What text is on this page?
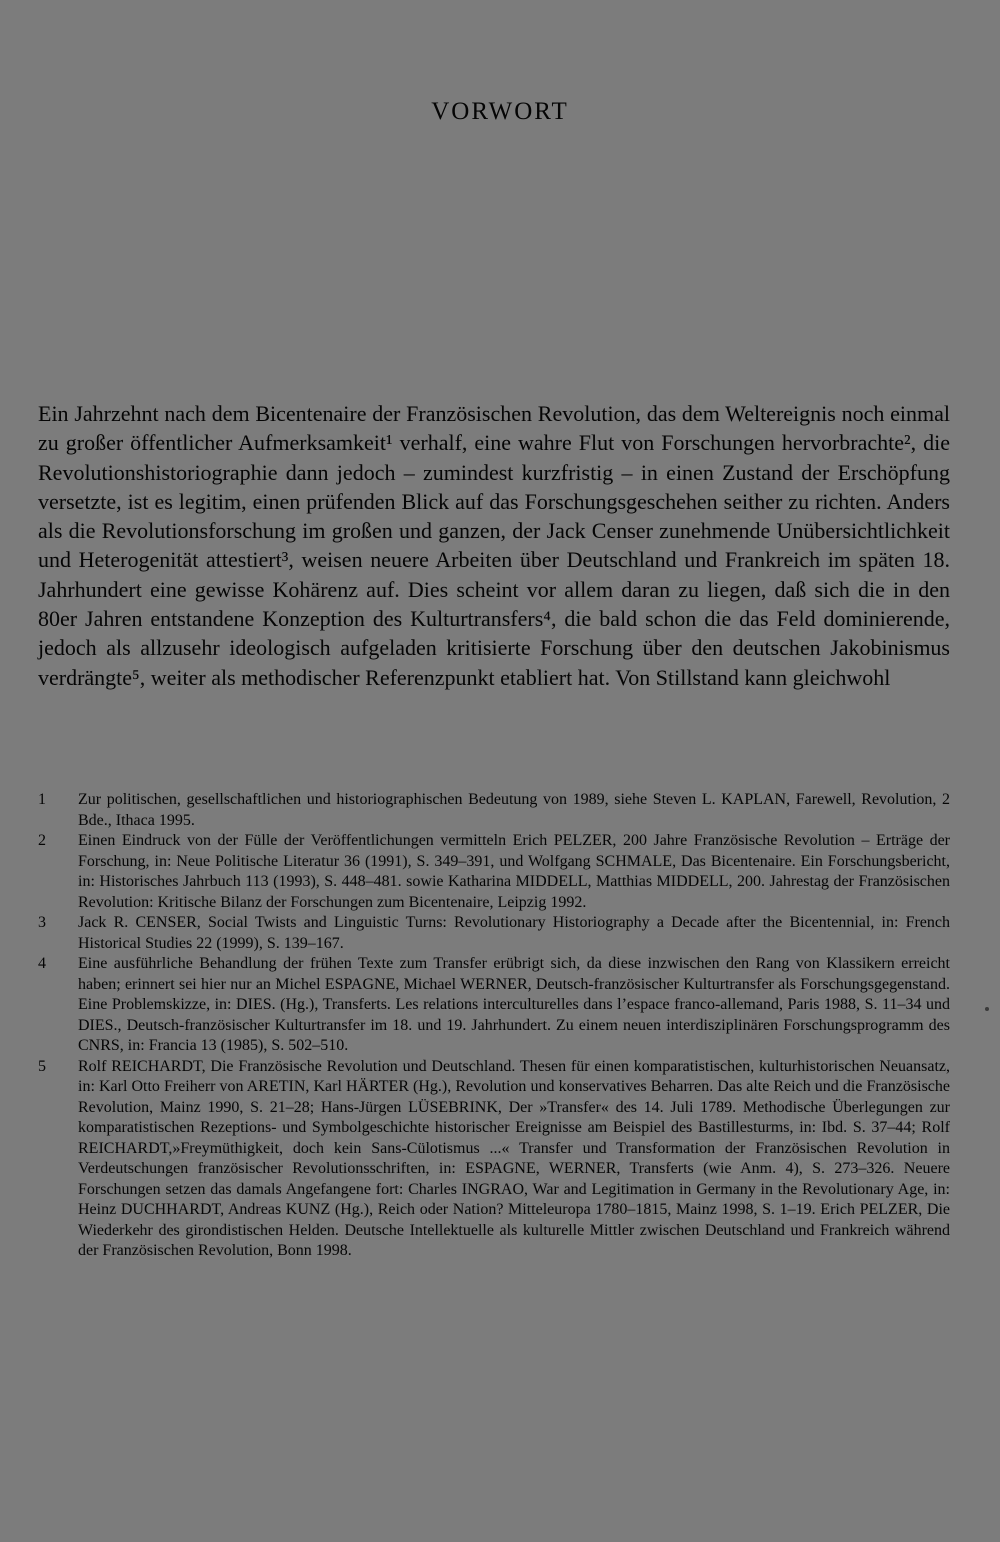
VORWORT

Ein Jahrzehnt nach dem Bicentenaire der Französischen Revolution, das dem Weltereignis noch einmal zu großer öffentlicher Aufmerksamkeit¹ verhalf, eine wahre Flut von Forschungen hervorbrachte², die Revolutionshistoriographie dann jedoch – zumindest kurzfristig – in einen Zustand der Erschöpfung versetzte, ist es legitim, einen prüfenden Blick auf das Forschungsgeschehen seither zu richten. Anders als die Revolutionsforschung im großen und ganzen, der Jack Censer zunehmende Unübersichtlichkeit und Heterogenität attestiert³, weisen neuere Arbeiten über Deutschland und Frankreich im späten 18. Jahrhundert eine gewisse Kohärenz auf. Dies scheint vor allem daran zu liegen, daß sich die in den 80er Jahren entstandene Konzeption des Kulturtransfers⁴, die bald schon die das Feld dominierende, jedoch als allzusehr ideologisch aufgeladen kritisierte Forschung über den deutschen Jakobinismus verdrängte⁵, weiter als methodischer Referenzpunkt etabliert hat. Von Stillstand kann gleichwohl

1 Zur politischen, gesellschaftlichen und historiographischen Bedeutung von 1989, siehe Steven L. KAPLAN, Farewell, Revolution, 2 Bde., Ithaca 1995.
2 Einen Eindruck von der Fülle der Veröffentlichungen vermitteln Erich PELZER, 200 Jahre Französische Revolution – Erträge der Forschung, in: Neue Politische Literatur 36 (1991), S. 349–391, und Wolfgang SCHMALE, Das Bicentenaire. Ein Forschungsbericht, in: Historisches Jahrbuch 113 (1993), S. 448–481. sowie Katharina MIDDELL, Matthias MIDDELL, 200. Jahrestag der Französischen Revolution: Kritische Bilanz der Forschungen zum Bicentenaire, Leipzig 1992.
3 Jack R. CENSER, Social Twists and Linguistic Turns: Revolutionary Historiography a Decade after the Bicentennial, in: French Historical Studies 22 (1999), S. 139–167.
4 Eine ausführliche Behandlung der frühen Texte zum Transfer erübrigt sich, da diese inzwischen den Rang von Klassikern erreicht haben; erinnert sei hier nur an Michel ESPAGNE, Michael WERNER, Deutsch-französischer Kulturtransfer als Forschungsgegenstand. Eine Problemskizze, in: DIES. (Hg.), Transferts. Les relations interculturelles dans l’espace franco-allemand, Paris 1988, S. 11–34 und DIES., Deutsch-französischer Kulturtransfer im 18. und 19. Jahrhundert. Zu einem neuen interdisziplinären Forschungsprogramm des CNRS, in: Francia 13 (1985), S. 502–510.
5 Rolf REICHARDT, Die Französische Revolution und Deutschland. Thesen für einen komparatistischen, kulturhistorischen Neuansatz, in: Karl Otto Freiherr von ARETIN, Karl HÄRTER (Hg.), Revolution und konservatives Beharren. Das alte Reich und die Französische Revolution, Mainz 1990, S. 21–28; Hans-Jürgen LÜSEBRINK, Der »Transfer« des 14. Juli 1789. Methodische Überlegungen zur komparatistischen Rezeptions- und Symbolgeschichte historischer Ereignisse am Beispiel des Bastillesturms, in: Ibd. S. 37–44; Rolf REICHARDT,»Freymüthigkeit, doch kein Sans-Cülotismus ...« Transfer und Transformation der Französischen Revolution in Verdeutschungen französischer Revolutionsschriften, in: ESPAGNE, WERNER, Transferts (wie Anm. 4), S. 273–326. Neuere Forschungen setzen das damals Angefangene fort: Charles INGRAO, War and Legitimation in Germany in the Revolutionary Age, in: Heinz DUCHHARDT, Andreas KUNZ (Hg.), Reich oder Nation? Mitteleuropa 1780–1815, Mainz 1998, S. 1–19. Erich PELZER, Die Wiederkehr des girondistischen Helden. Deutsche Intellektuelle als kulturelle Mittler zwischen Deutschland und Frankreich während der Französischen Revolution, Bonn 1998.
